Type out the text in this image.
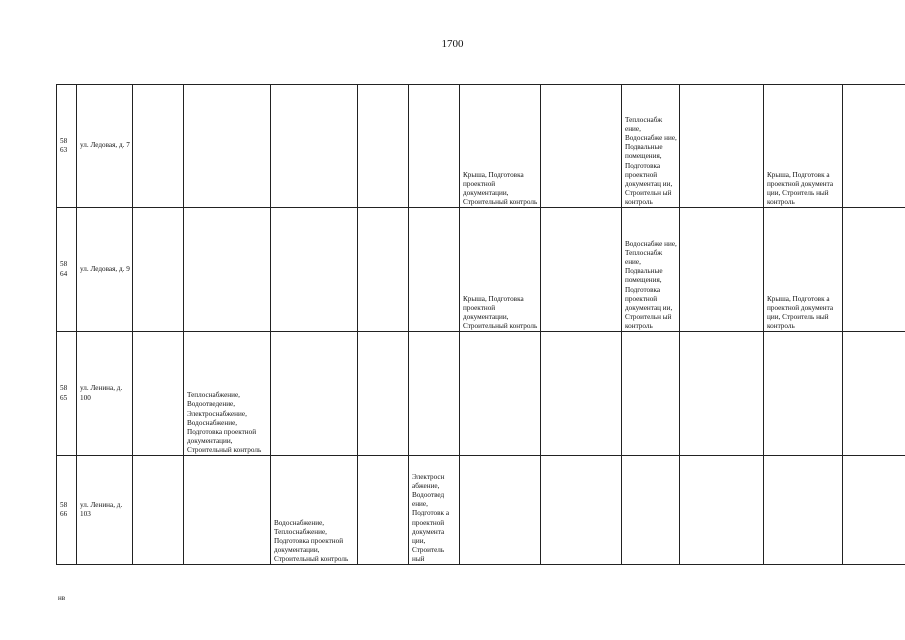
1700
58
63	ул. Ледовая, д. 7						Крыша, Подготовка проектной документации, Строительный контроль		Теплоснабж ение, Водоснабже ние, Подвальные помещения, Подготовка проектной документац ии, Строительн ый контроль		Крыша, Подготовк а проектной документа ции, Строитель ный контроль	
58
64	ул. Ледовая, д. 9						Крыша, Подготовка проектной документации, Строительный контроль		Водоснабже ние, Теплоснабж ение, Подвальные помещения, Подготовка проектной документац ии, Строительн ый контроль		Крыша, Подготовк а проектной документа ции, Строитель ный контроль	
58
65	ул. Ленина, д. 100		Теплоснабжение, Водоотведение, Электроснабжение, Водоснабжение, Подготовка проектной документации, Строительный контроль									
58
66	ул. Ленина, д. 103			Водоснабжение, Теплоснабжение, Подготовка проектной документации, Строительный контроль		Электросн абжение, Водоотвед ение, Подготовк а проектной документа ции, Строитель ный						
нв
